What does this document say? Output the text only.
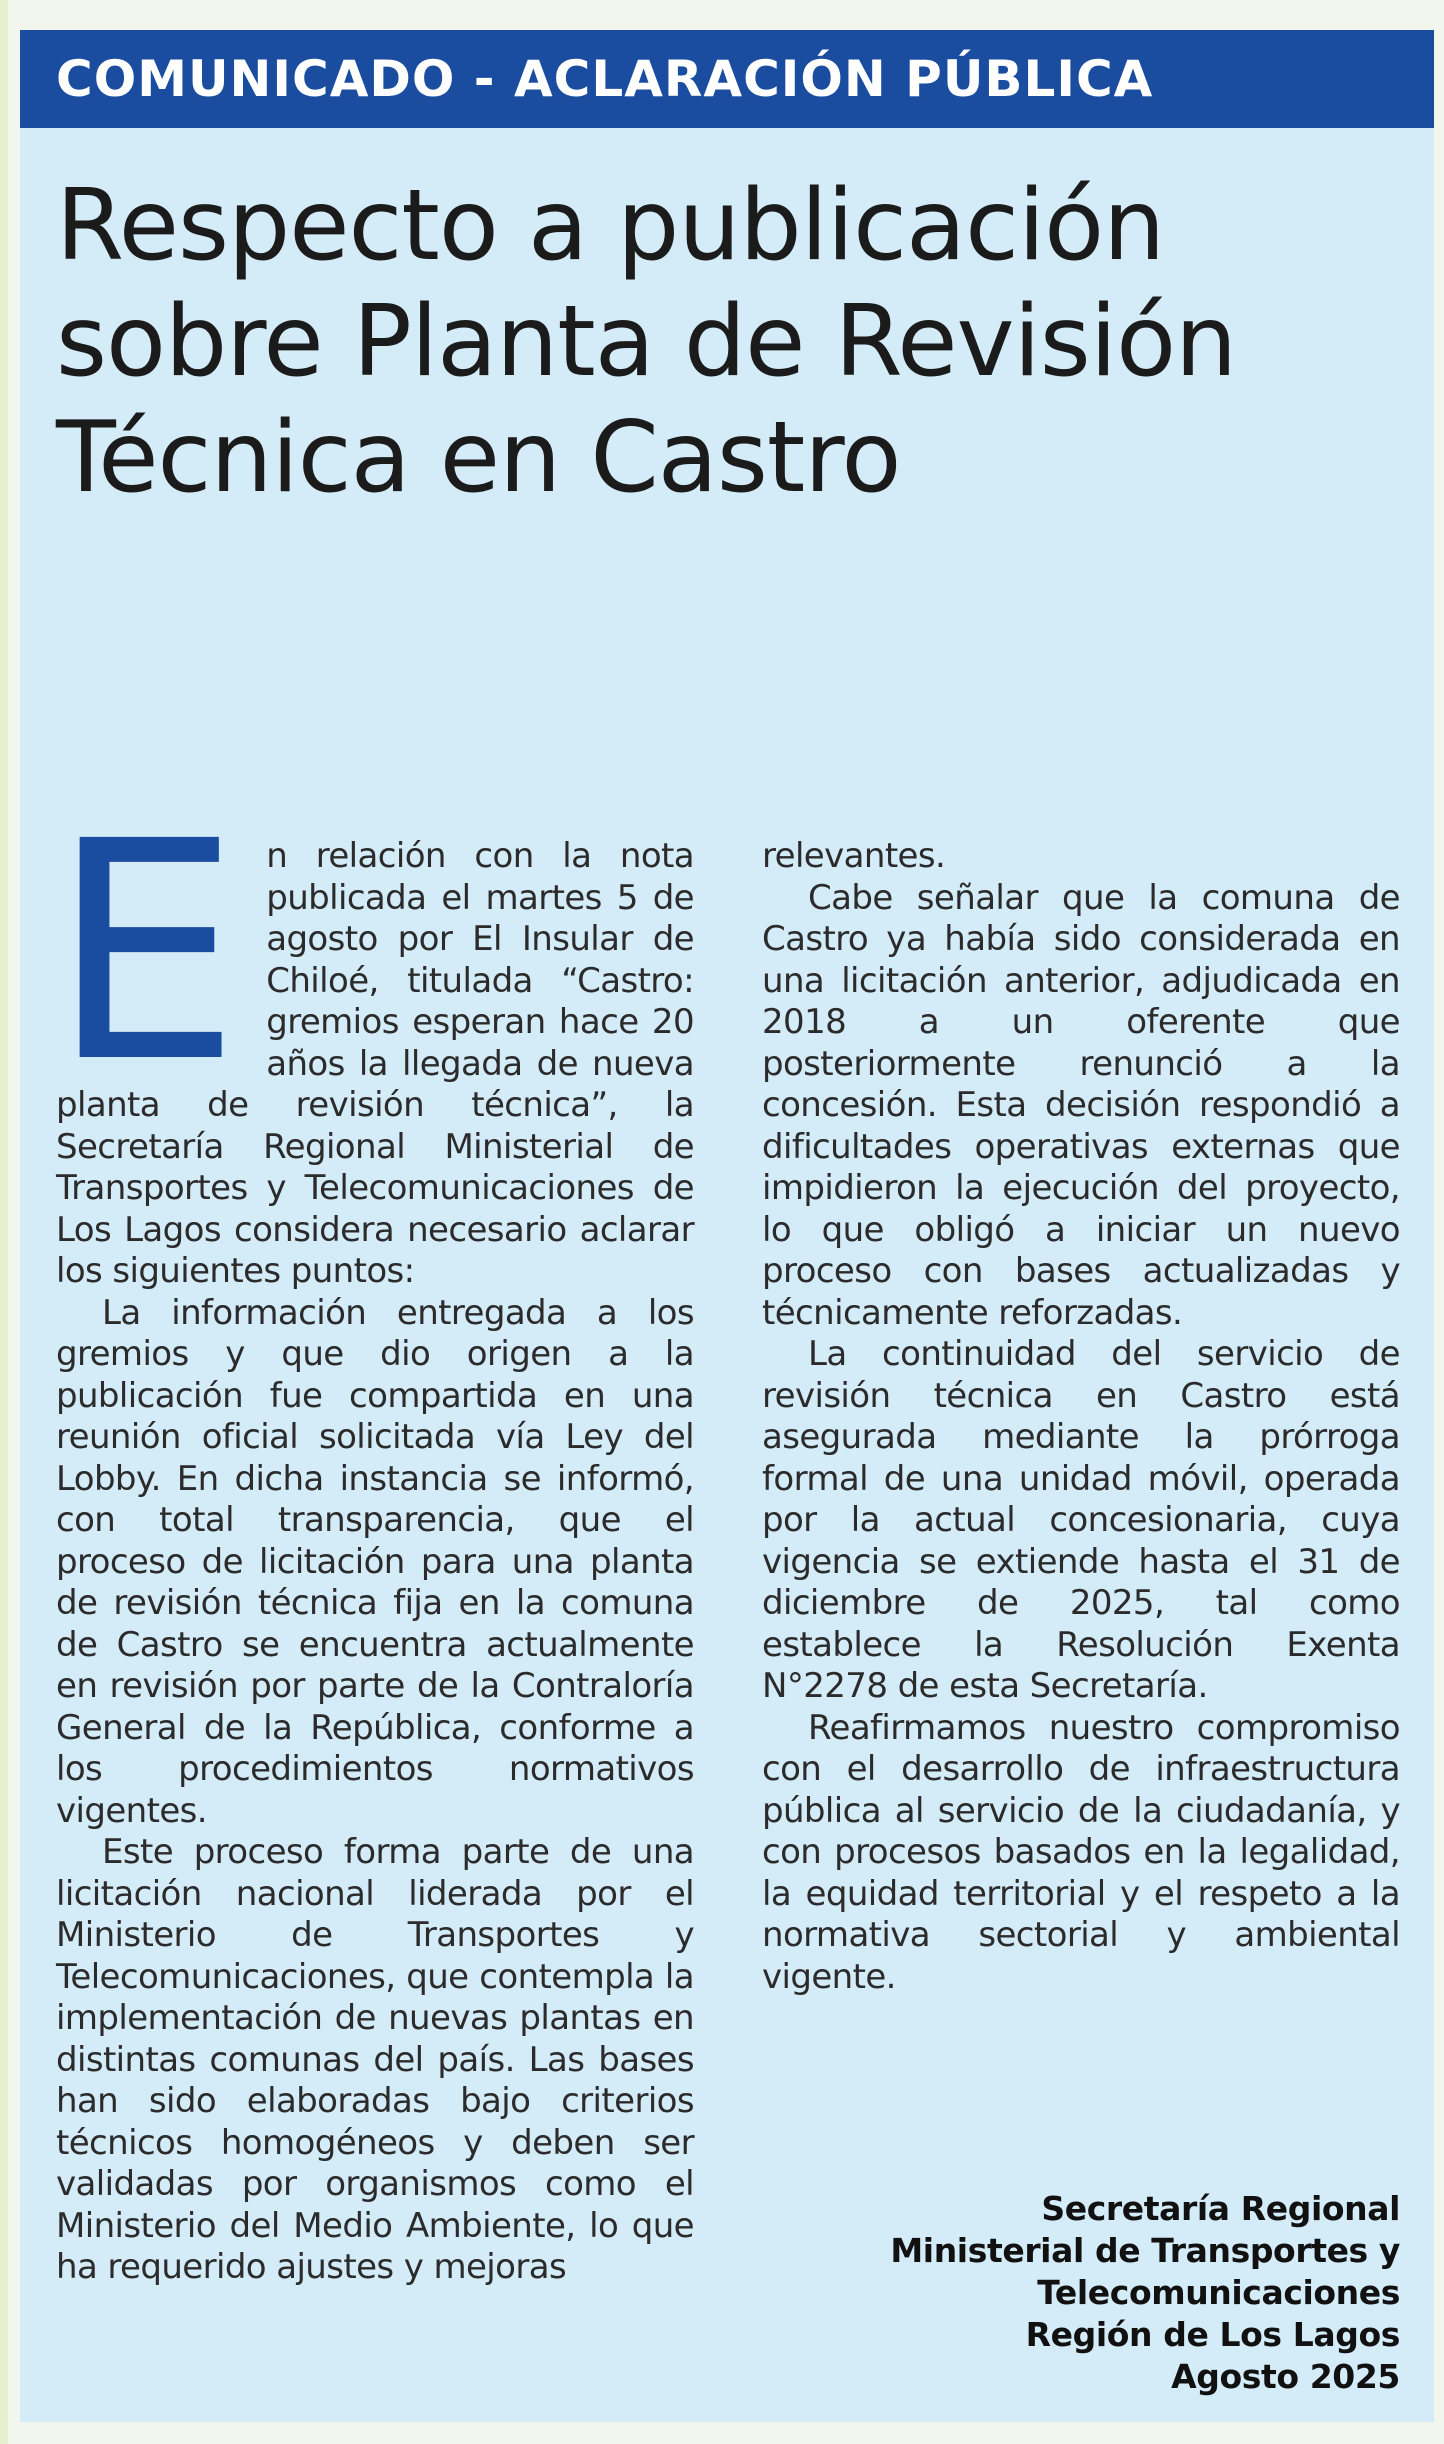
COMUNICADO - ACLARACIÓN PÚBLICA
Respecto a publicación sobre Planta de Revisión Técnica en Castro
E n relación con la nota publicada el martes 5 de agosto por El Insular de Chiloé, titulada “Castro: gremios esperan hace 20 años la llegada de nueva planta de revisión técnica”, la Secretaría Regional Ministerial de Transportes y Telecomunicaciones de Los Lagos considera necesario aclarar los siguientes puntos:

La información entregada a los gremios y que dio origen a la publicación fue compartida en una reunión oficial solicitada vía Ley del Lobby. En dicha instancia se informó, con total transparencia, que el proceso de licitación para una planta de revisión técnica fija en la comuna de Castro se encuentra actualmente en revisión por parte de la Contraloría General de la República, conforme a los procedimientos normativos vigentes.

Este proceso forma parte de una licitación nacional liderada por el Ministerio de Transportes y Telecomunicaciones, que contempla la implementación de nuevas plantas en distintas comunas del país. Las bases han sido elaboradas bajo criterios técnicos homogéneos y deben ser validadas por organismos como el Ministerio del Medio Ambiente, lo que ha requerido ajustes y mejoras

relevantes.

Cabe señalar que la comuna de Castro ya había sido considerada en una licitación anterior, adjudicada en 2018 a un oferente que posteriormente renunció a la concesión. Esta decisión respondió a dificultades operativas externas que impidieron la ejecución del proyecto, lo que obligó a iniciar un nuevo proceso con bases actualizadas y técnicamente reforzadas.

La continuidad del servicio de revisión técnica en Castro está asegurada mediante la prórroga formal de una unidad móvil, operada por la actual concesionaria, cuya vigencia se extiende hasta el 31 de diciembre de 2025, tal como establece la Resolución Exenta N°2278 de esta Secretaría.

Reafirmamos nuestro compromiso con el desarrollo de infraestructura pública al servicio de la ciudadanía, y con procesos basados en la legalidad, la equidad territorial y el respeto a la normativa sectorial y ambiental vigente.

Secretaría Regional
Ministerial de Transportes y
Telecomunicaciones
Región de Los Lagos
Agosto 2025
